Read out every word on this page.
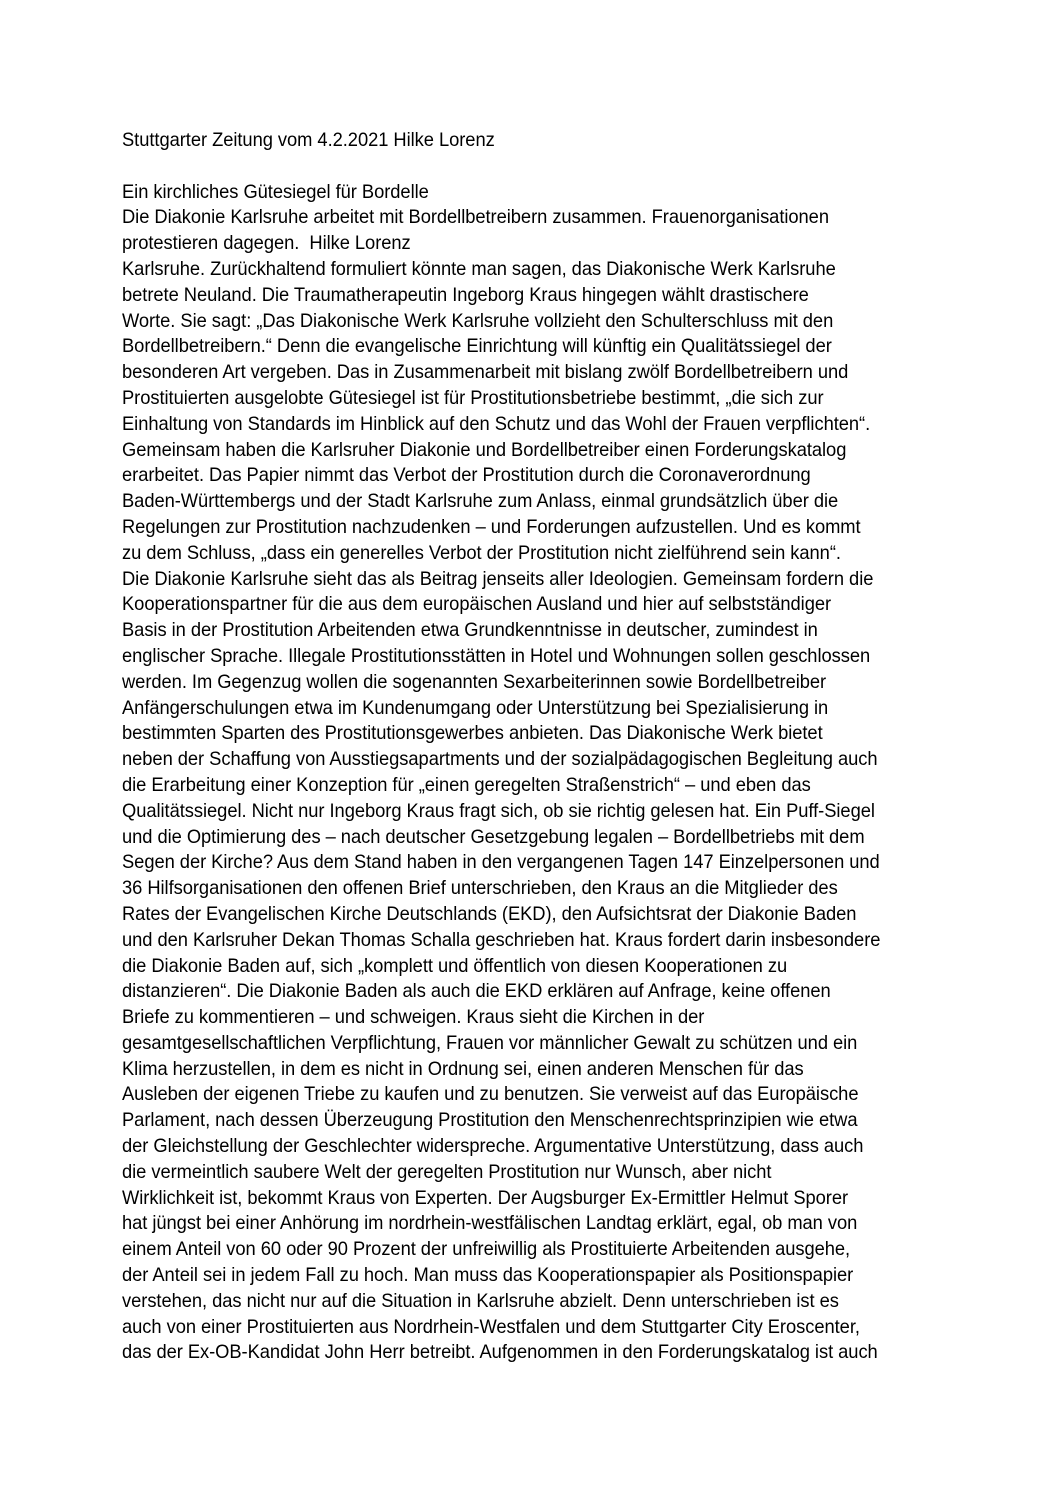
Stuttgarter Zeitung vom 4.2.2021 Hilke Lorenz
Ein kirchliches Gütesiegel für Bordelle
Die Diakonie Karlsruhe arbeitet mit Bordellbetreibern zusammen. Frauenorganisationen
protestieren dagegen.  Hilke Lorenz
Karlsruhe. Zurückhaltend formuliert könnte man sagen, das Diakonische Werk Karlsruhe
betrete Neuland. Die Traumatherapeutin Ingeborg Kraus hingegen wählt drastischere
Worte. Sie sagt: „Das Diakonische Werk Karlsruhe vollzieht den Schulterschluss mit den
Bordellbetreibern.“ Denn die evangelische Einrichtung will künftig ein Qualitätssiegel der
besonderen Art vergeben. Das in Zusammenarbeit mit bislang zwölf Bordellbetreibern und
Prostituierten ausgelobte Gütesiegel ist für Prostitutionsbetriebe bestimmt, „die sich zur
Einhaltung von Standards im Hinblick auf den Schutz und das Wohl der Frauen verpflichten“.
Gemeinsam haben die Karlsruher Diakonie und Bordellbetreiber einen Forderungskatalog
erarbeitet. Das Papier nimmt das Verbot der Prostitution durch die Coronaverordnung
Baden-Württembergs und der Stadt Karlsruhe zum Anlass, einmal grundsätzlich über die
Regelungen zur Prostitution nachzudenken – und Forderungen aufzustellen. Und es kommt
zu dem Schluss, „dass ein generelles Verbot der Prostitution nicht zielführend sein kann“.
Die Diakonie Karlsruhe sieht das als Beitrag jenseits aller Ideologien. Gemeinsam fordern die
Kooperationspartner für die aus dem europäischen Ausland und hier auf selbstständiger
Basis in der Prostitution Arbeitenden etwa Grundkenntnisse in deutscher, zumindest in
englischer Sprache. Illegale Prostitutionsstätten in Hotel und Wohnungen sollen geschlossen
werden. Im Gegenzug wollen die sogenannten Sexarbeiterinnen sowie Bordellbetreiber
Anfängerschulungen etwa im Kundenumgang oder Unterstützung bei Spezialisierung in
bestimmten Sparten des Prostitutionsgewerbes anbieten. Das Diakonische Werk bietet
neben der Schaffung von Ausstiegsapartments und der sozialpädagogischen Begleitung auch
die Erarbeitung einer Konzeption für „einen geregelten Straßenstrich“ – und eben das
Qualitätssiegel. Nicht nur Ingeborg Kraus fragt sich, ob sie richtig gelesen hat. Ein Puff-Siegel
und die Optimierung des – nach deutscher Gesetzgebung legalen – Bordellbetriebs mit dem
Segen der Kirche? Aus dem Stand haben in den vergangenen Tagen 147 Einzelpersonen und
36 Hilfsorganisationen den offenen Brief unterschrieben, den Kraus an die Mitglieder des
Rates der Evangelischen Kirche Deutschlands (EKD), den Aufsichtsrat der Diakonie Baden
und den Karlsruher Dekan Thomas Schalla geschrieben hat. Kraus fordert darin insbesondere
die Diakonie Baden auf, sich „komplett und öffentlich von diesen Kooperationen zu
distanzieren“. Die Diakonie Baden als auch die EKD erklären auf Anfrage, keine offenen
Briefe zu kommentieren – und schweigen. Kraus sieht die Kirchen in der
gesamtgesellschaftlichen Verpflichtung, Frauen vor männlicher Gewalt zu schützen und ein
Klima herzustellen, in dem es nicht in Ordnung sei, einen anderen Menschen für das
Ausleben der eigenen Triebe zu kaufen und zu benutzen. Sie verweist auf das Europäische
Parlament, nach dessen Überzeugung Prostitution den Menschenrechtsprinzipien wie etwa
der Gleichstellung der Geschlechter widerspreche. Argumentative Unterstützung, dass auch
die vermeintlich saubere Welt der geregelten Prostitution nur Wunsch, aber nicht
Wirklichkeit ist, bekommt Kraus von Experten. Der Augsburger Ex-Ermittler Helmut Sporer
hat jüngst bei einer Anhörung im nordrhein-westfälischen Landtag erklärt, egal, ob man von
einem Anteil von 60 oder 90 Prozent der unfreiwillig als Prostituierte Arbeitenden ausgehe,
der Anteil sei in jedem Fall zu hoch. Man muss das Kooperationspapier als Positionspapier
verstehen, das nicht nur auf die Situation in Karlsruhe abzielt. Denn unterschrieben ist es
auch von einer Prostituierten aus Nordrhein-Westfalen und dem Stuttgarter City Eroscenter,
das der Ex-OB-Kandidat John Herr betreibt. Aufgenommen in den Forderungskatalog ist auch
